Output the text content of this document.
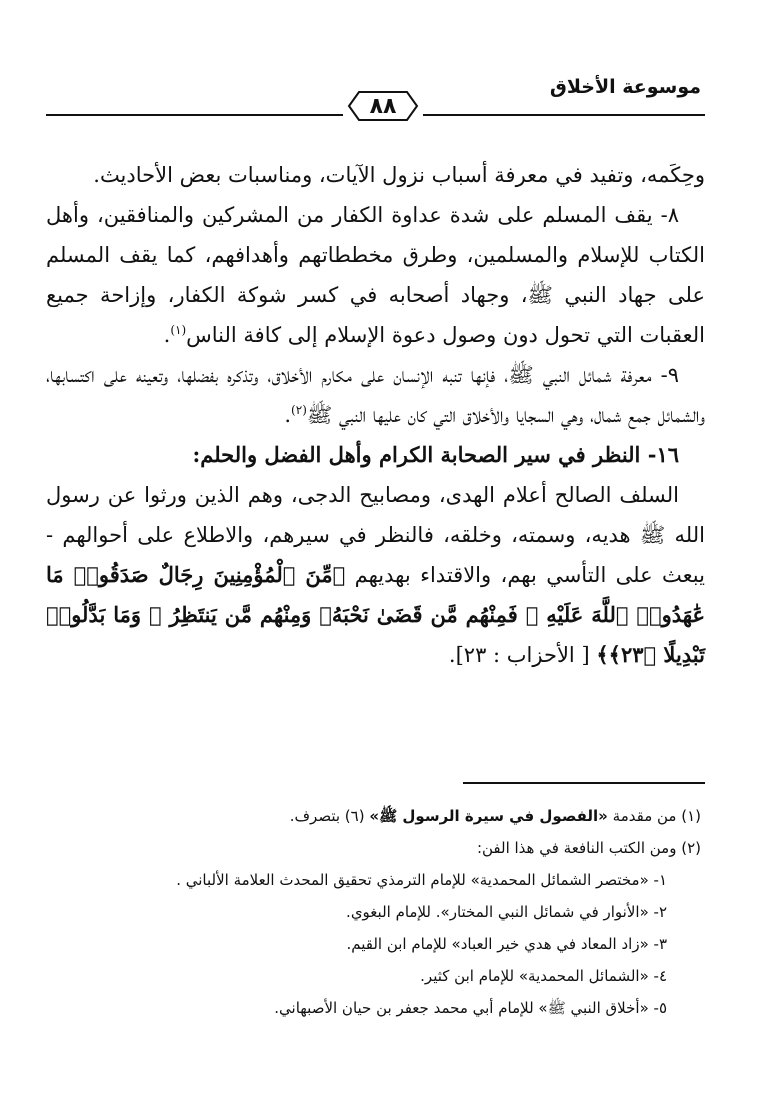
موسوعة الأخلاق
٨٨

وحِكَمه، وتفيد في معرفة أسباب نزول الآيات، ومناسبات بعض الأحاديث.

٨- يقف المسلم على شدة عداوة الكفار من المشركين والمنافقين، وأهل الكتاب للإسلام والمسلمين، وطرق مخططاتهم وأهدافهم، كما يقف المسلم على جهاد النبي ﷺ، وجهاد أصحابه في كسر شوكة الكفار، وإزاحة جميع العقبات التي تحول دون وصول دعوة الإسلام إلى كافة الناس$^{(١)}$.

٩- معرفة شمائل النبي ﷺ، فإنها تنبه الإنسان على مكارم الأخلاق، وتذكره بفضلها، وتعينه على اكتسابها، والشمائل جمع شمال، وهي السجايا والأخلاق التي كان عليها النبي ﷺ$^{(٢)}$.

١٦- النظر في سير الصحابة الكرام وأهل الفضل والحلم:

السلف الصالح أعلام الهدى، ومصابيح الدجى، وهم الذين ورثوا عن رسول الله ﷺ هديه، وسمته، وخلقه، فالنظر في سيرهم، والاطلاع على أحوالهم - يبعث على التأسي بهم، والاقتداء بهديهم ﴿مِّنَ ٱلْمُؤْمِنِينَ رِجَالٌ صَدَقُوا۟ مَا عَٰهَدُوا۟ ٱللَّهَ عَلَيْهِ ۖ فَمِنْهُم مَّن قَضَىٰ نَحْبَهُۥ وَمِنْهُم مَّن يَنتَظِرُ ۖ وَمَا بَدَّلُوا۟ تَبْدِيلًا ﴿٢٣﴾﴾ [ الأحزاب : ٢٣].

(١) من مقدمة «الفصول في سيرة الرسول ﷺ» (٦) بتصرف.
(٢) ومن الكتب النافعة في هذا الفن:
١- «مختصر الشمائل المحمدية» للإمام الترمذي تحقيق المحدث العلامة الألباني .
٢- «الأنوار في شمائل النبي المختار». للإمام البغوي.
٣- «زاد المعاد في هدي خير العباد» للإمام ابن القيم.
٤- «الشمائل المحمدية» للإمام ابن كثير.
٥- «أخلاق النبي ﷺ» للإمام أبي محمد جعفر بن حيان الأصبهاني.
